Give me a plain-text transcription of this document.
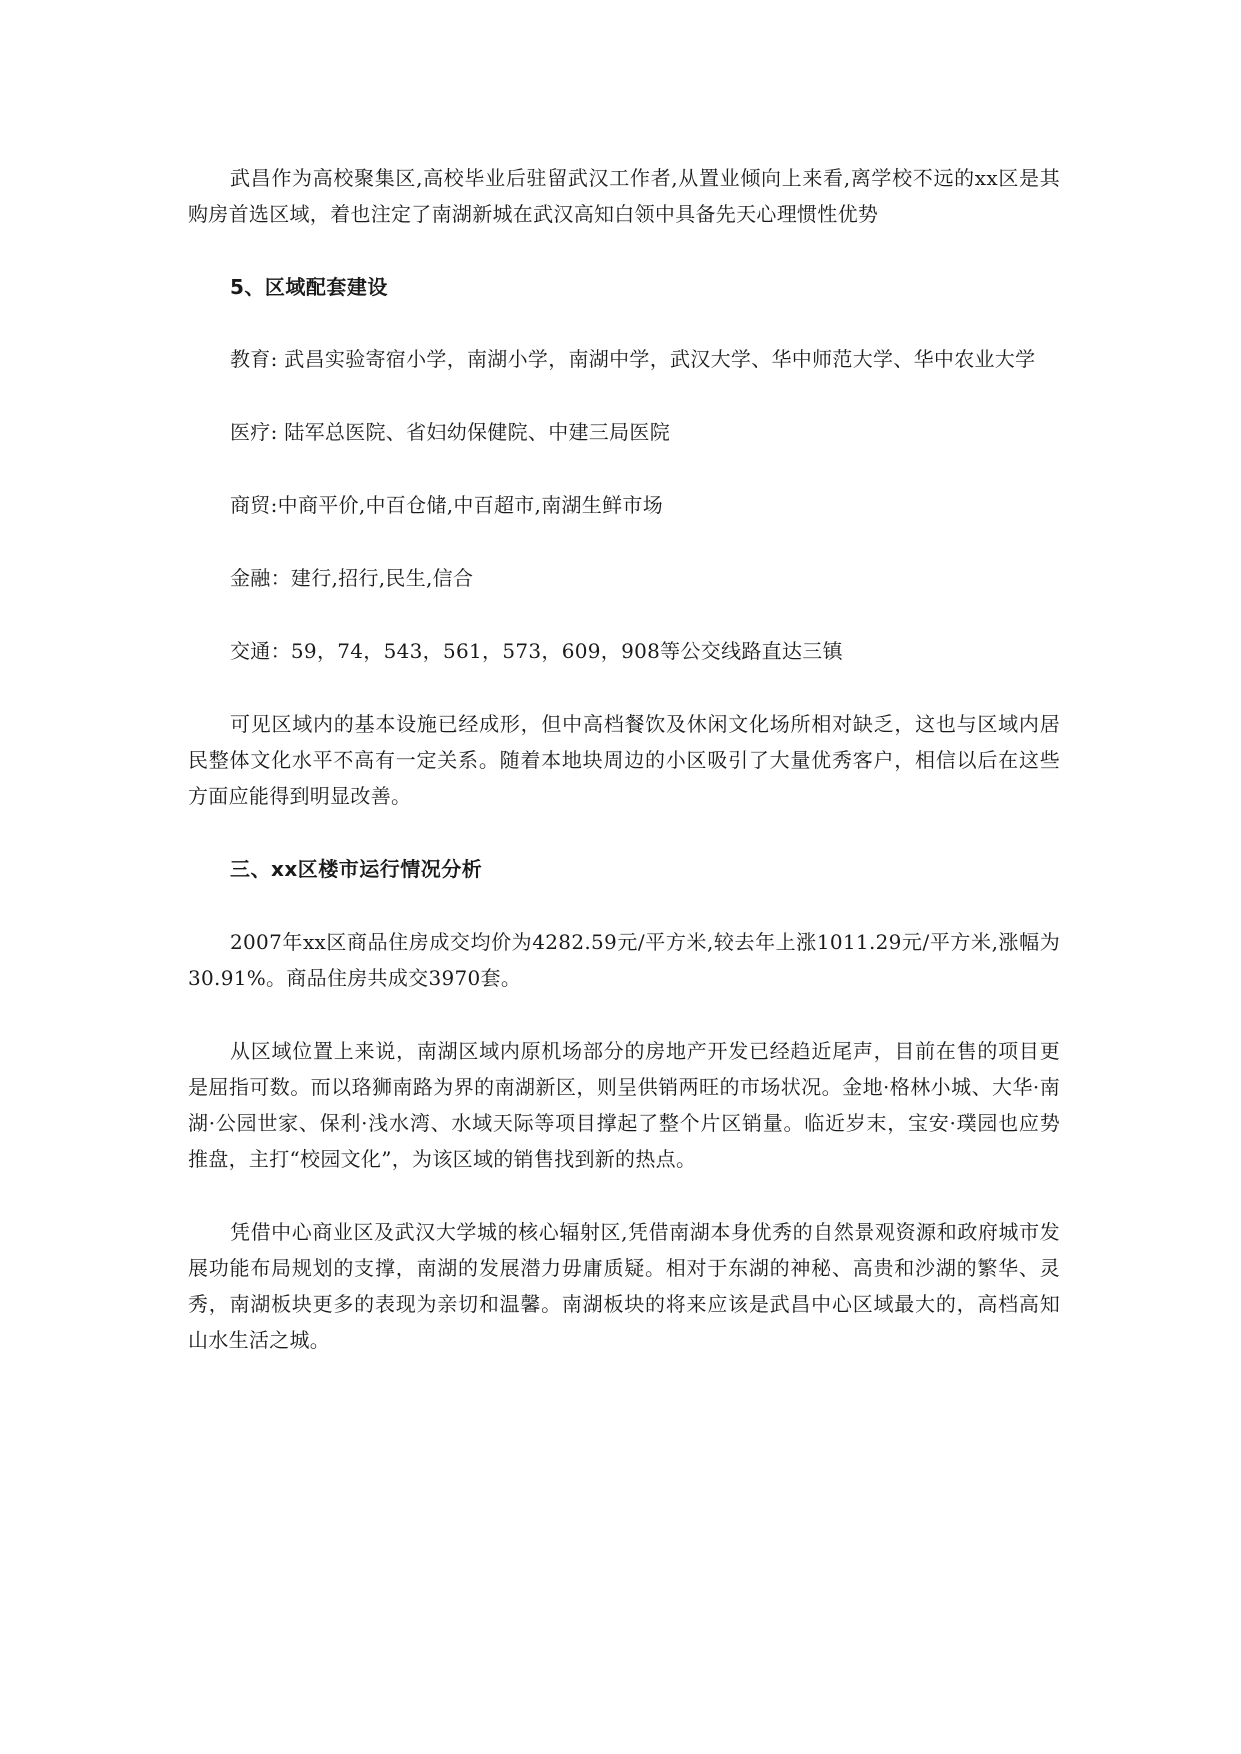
武昌作为高校聚集区,高校毕业后驻留武汉工作者,从置业倾向上来看,离学校不远的xx区是其购房首选区域，着也注定了南湖新城在武汉高知白领中具备先天心理惯性优势

5、区域配套建设

教育: 武昌实验寄宿小学，南湖小学，南湖中学，武汉大学、华中师范大学、华中农业大学

医疗: 陆军总医院、省妇幼保健院、中建三局医院

商贸:中商平价,中百仓储,中百超市,南湖生鲜市场

金融：建行,招行,民生,信合

交通：59，74，543，561，573，609，908等公交线路直达三镇

可见区域内的基本设施已经成形，但中高档餐饮及休闲文化场所相对缺乏，这也与区域内居民整体文化水平不高有一定关系。随着本地块周边的小区吸引了大量优秀客户，相信以后在这些方面应能得到明显改善。

三、xx区楼市运行情况分析

2007年xx区商品住房成交均价为4282.59元/平方米,较去年上涨1011.29元/平方米,涨幅为30.91%。商品住房共成交3970套。

从区域位置上来说，南湖区域内原机场部分的房地产开发已经趋近尾声，目前在售的项目更是屈指可数。而以珞狮南路为界的南湖新区，则呈供销两旺的市场状况。金地·格林小城、大华·南湖·公园世家、保利·浅水湾、水域天际等项目撑起了整个片区销量。临近岁末，宝安·璞园也应势推盘，主打“校园文化”，为该区域的销售找到新的热点。

凭借中心商业区及武汉大学城的核心辐射区,凭借南湖本身优秀的自然景观资源和政府城市发展功能布局规划的支撑，南湖的发展潜力毋庸质疑。相对于东湖的神秘、高贵和沙湖的繁华、灵秀，南湖板块更多的表现为亲切和温馨。南湖板块的将来应该是武昌中心区域最大的，高档高知山水生活之城。
